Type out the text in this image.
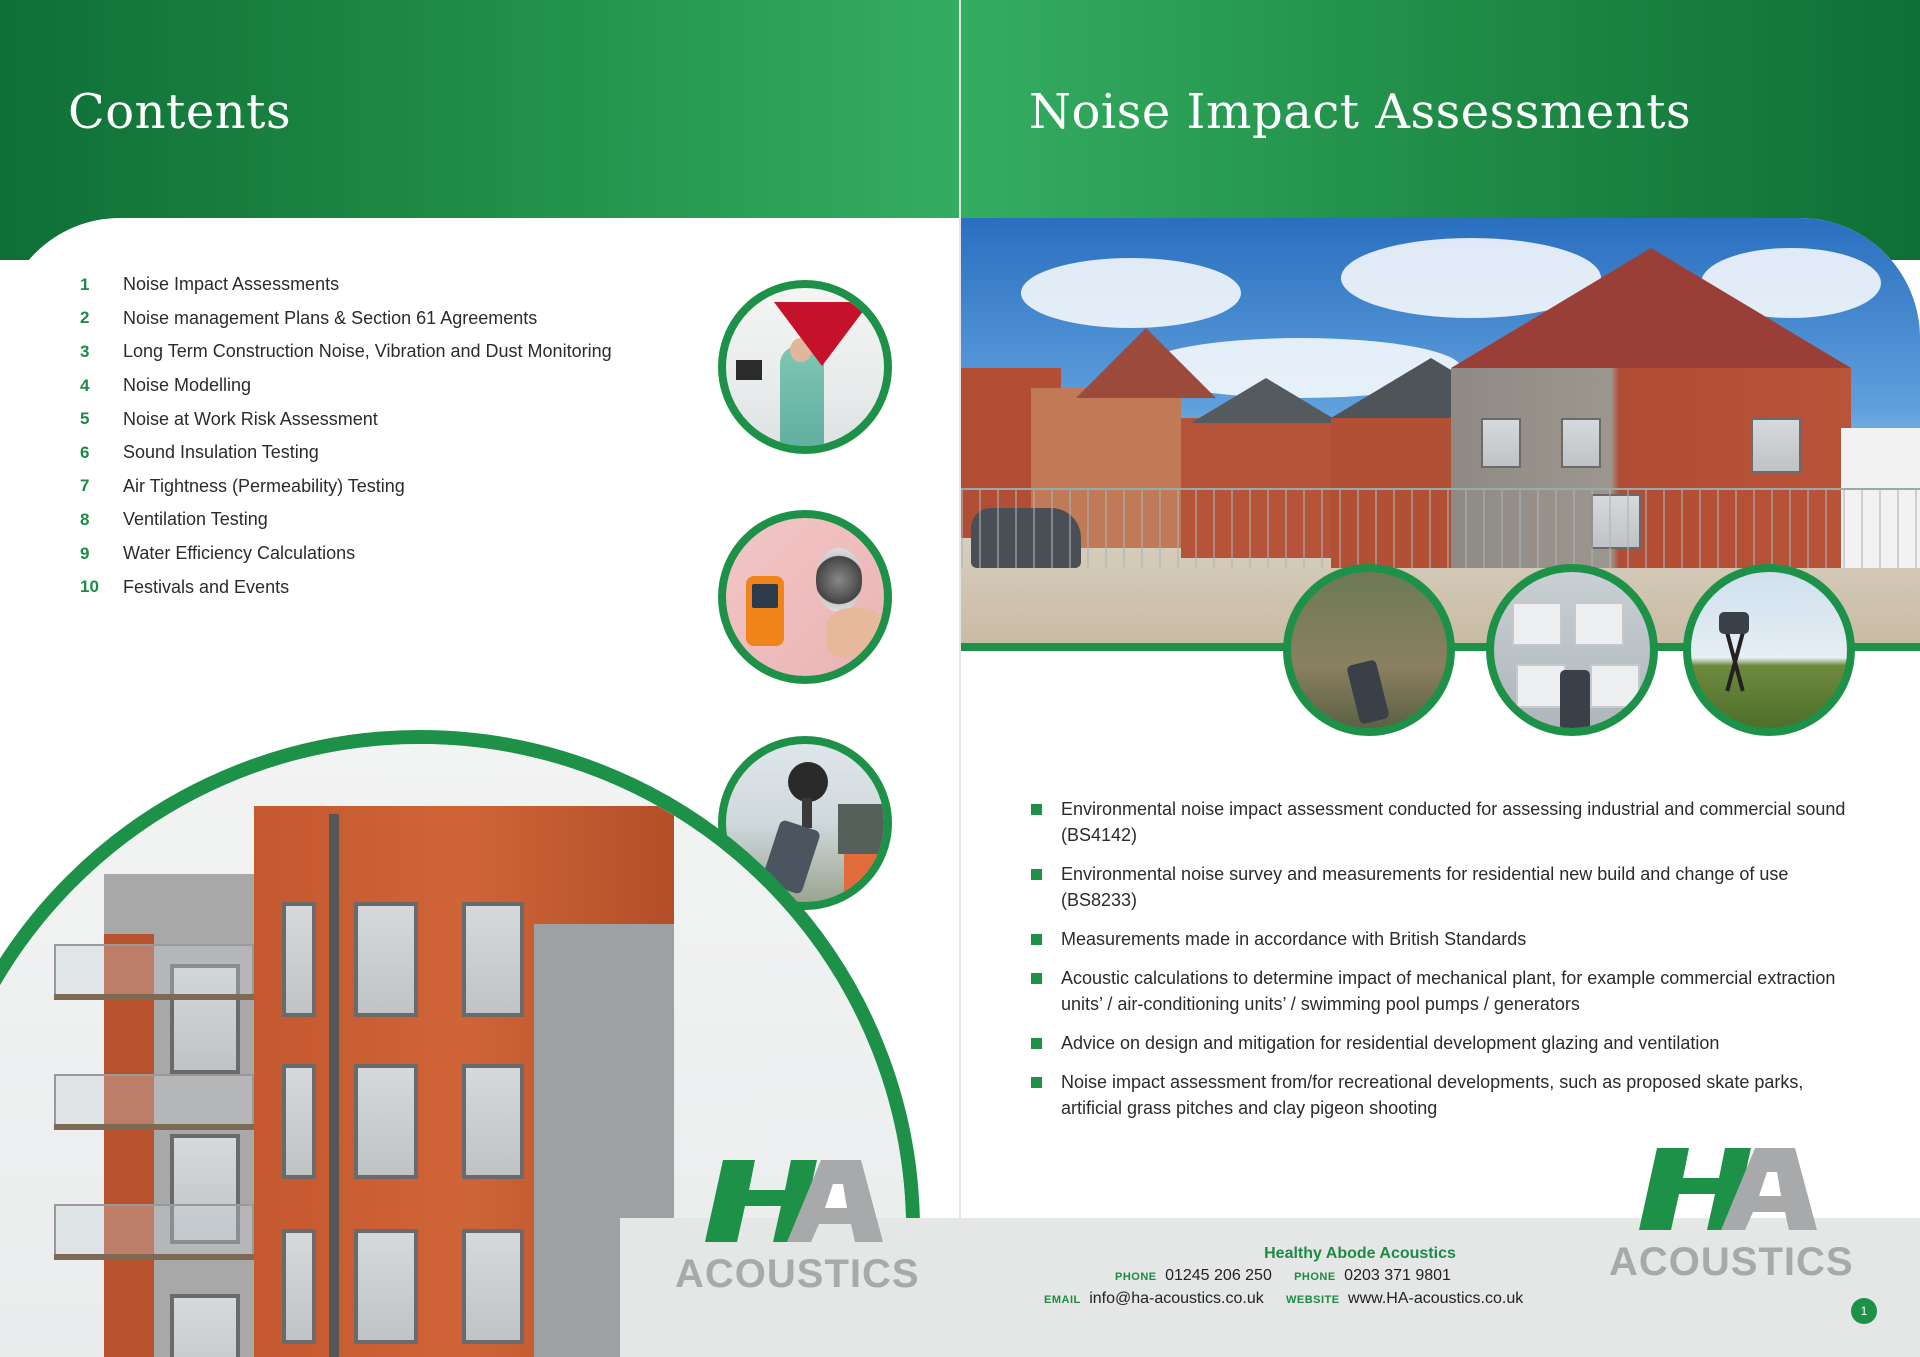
Contents
1	Noise Impact Assessments
2	Noise management Plans & Section 61 Agreements
3	Long Term Construction Noise, Vibration and Dust Monitoring
4	Noise Modelling
5	Noise at Work Risk Assessment
6	Sound Insulation Testing
7	Air Tightness (Permeability) Testing
8	Ventilation Testing
9	Water Efficiency Calculations
10	Festivals and Events
ACOUSTICS
Noise Impact Assessments
Environmental noise impact assessment conducted for assessing industrial and commercial sound (BS4142)
Environmental noise survey and measurements for residential new build and change of use (BS8233)
Measurements made in accordance with British Standards
Acoustic calculations to determine impact of mechanical plant, for example commercial extraction units’ / air-conditioning units’ / swimming pool pumps / generators
Advice on design and mitigation for residential development glazing and ventilation
Noise impact assessment from/for recreational developments, such as proposed skate parks, artificial grass pitches and clay pigeon shooting
Healthy Abode Acoustics
PHONE 01245 206 250 PHONE 0203 371 9801
EMAIL info@ha-acoustics.co.uk WEBSITE www.HA-acoustics.co.uk
ACOUSTICS
1
